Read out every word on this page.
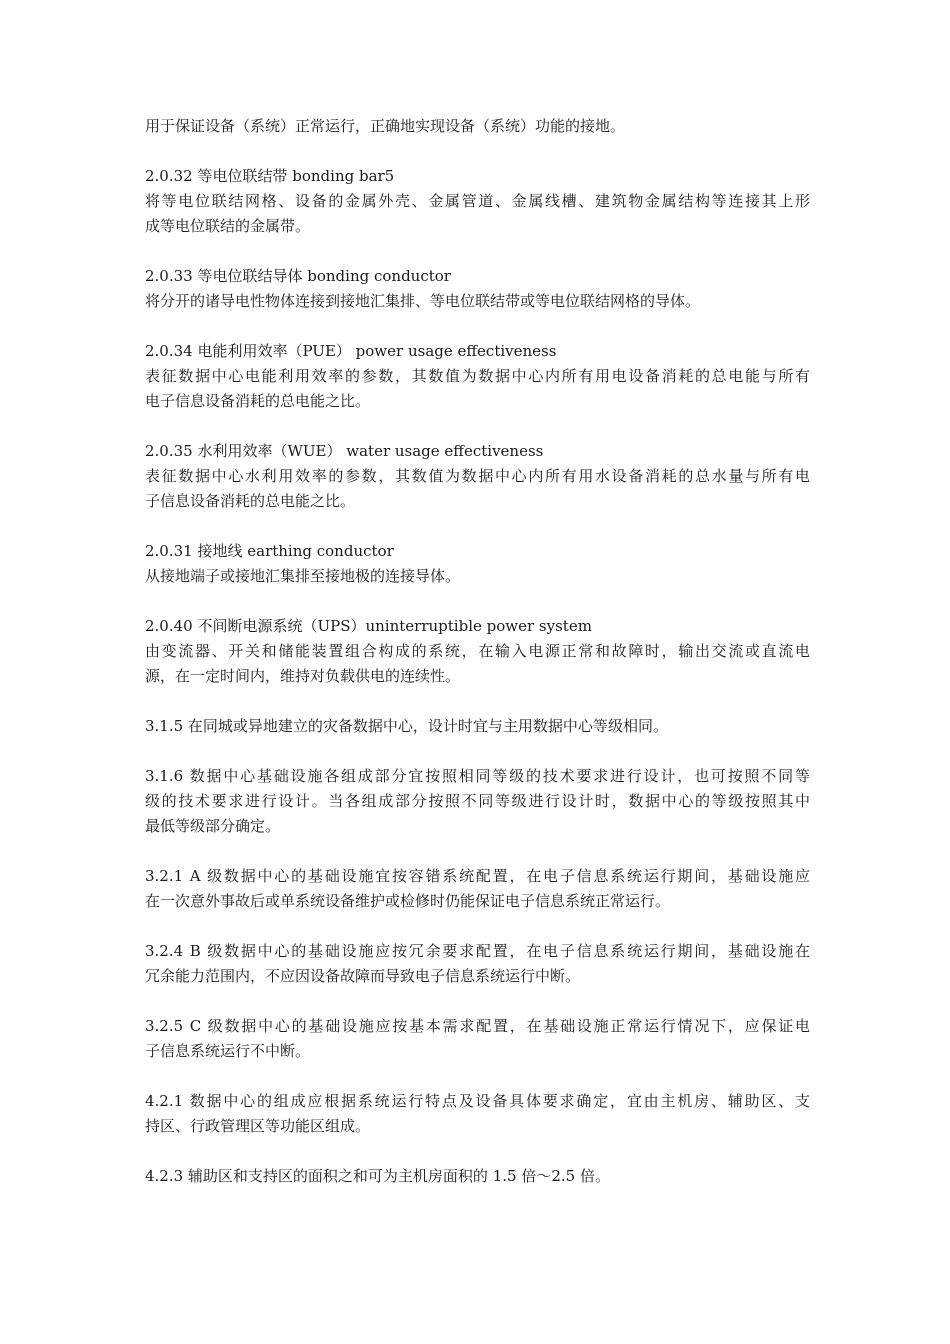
用于保证设备（系统）正常运行，正确地实现设备（系统）功能的接地。
2.0.32 等电位联结带 bonding bar5
将等电位联结网格、设备的金属外壳、金属管道、金属线槽、建筑物金属结构等连接其上形
成等电位联结的金属带。
2.0.33 等电位联结导体 bonding conductor
将分开的诸导电性物体连接到接地汇集排、等电位联结带或等电位联结网格的导体。
2.0.34 电能利用效率（PUE） power usage effectiveness
表征数据中心电能利用效率的参数，其数值为数据中心内所有用电设备消耗的总电能与所有
电子信息设备消耗的总电能之比。
2.0.35 水利用效率（WUE） water usage effectiveness
表征数据中心水利用效率的参数，其数值为数据中心内所有用水设备消耗的总水量与所有电
子信息设备消耗的总电能之比。
2.0.31 接地线 earthing conductor
从接地端子或接地汇集排至接地极的连接导体。
2.0.40 不间断电源系统（UPS）uninterruptible power system
由变流器、开关和储能装置组合构成的系统，在输入电源正常和故障时，输出交流或直流电
源，在一定时间内，维持对负载供电的连续性。
3.1.5 在同城或异地建立的灾备数据中心，设计时宜与主用数据中心等级相同。
3.1.6 数据中心基础设施各组成部分宜按照相同等级的技术要求进行设计，也可按照不同等
级的技术要求进行设计。当各组成部分按照不同等级进行设计时，数据中心的等级按照其中
最低等级部分确定。
3.2.1 A 级数据中心的基础设施宜按容错系统配置，在电子信息系统运行期间，基础设施应
在一次意外事故后或单系统设备维护或检修时仍能保证电子信息系统正常运行。
3.2.4 B 级数据中心的基础设施应按冗余要求配置，在电子信息系统运行期间，基础设施在
冗余能力范围内，不应因设备故障而导致电子信息系统运行中断。
3.2.5 C 级数据中心的基础设施应按基本需求配置，在基础设施正常运行情况下，应保证电
子信息系统运行不中断。
4.2.1 数据中心的组成应根据系统运行特点及设备具体要求确定，宜由主机房、辅助区、支
持区、行政管理区等功能区组成。
4.2.3 辅助区和支持区的面积之和可为主机房面积的 1.5 倍～2.5 倍。
